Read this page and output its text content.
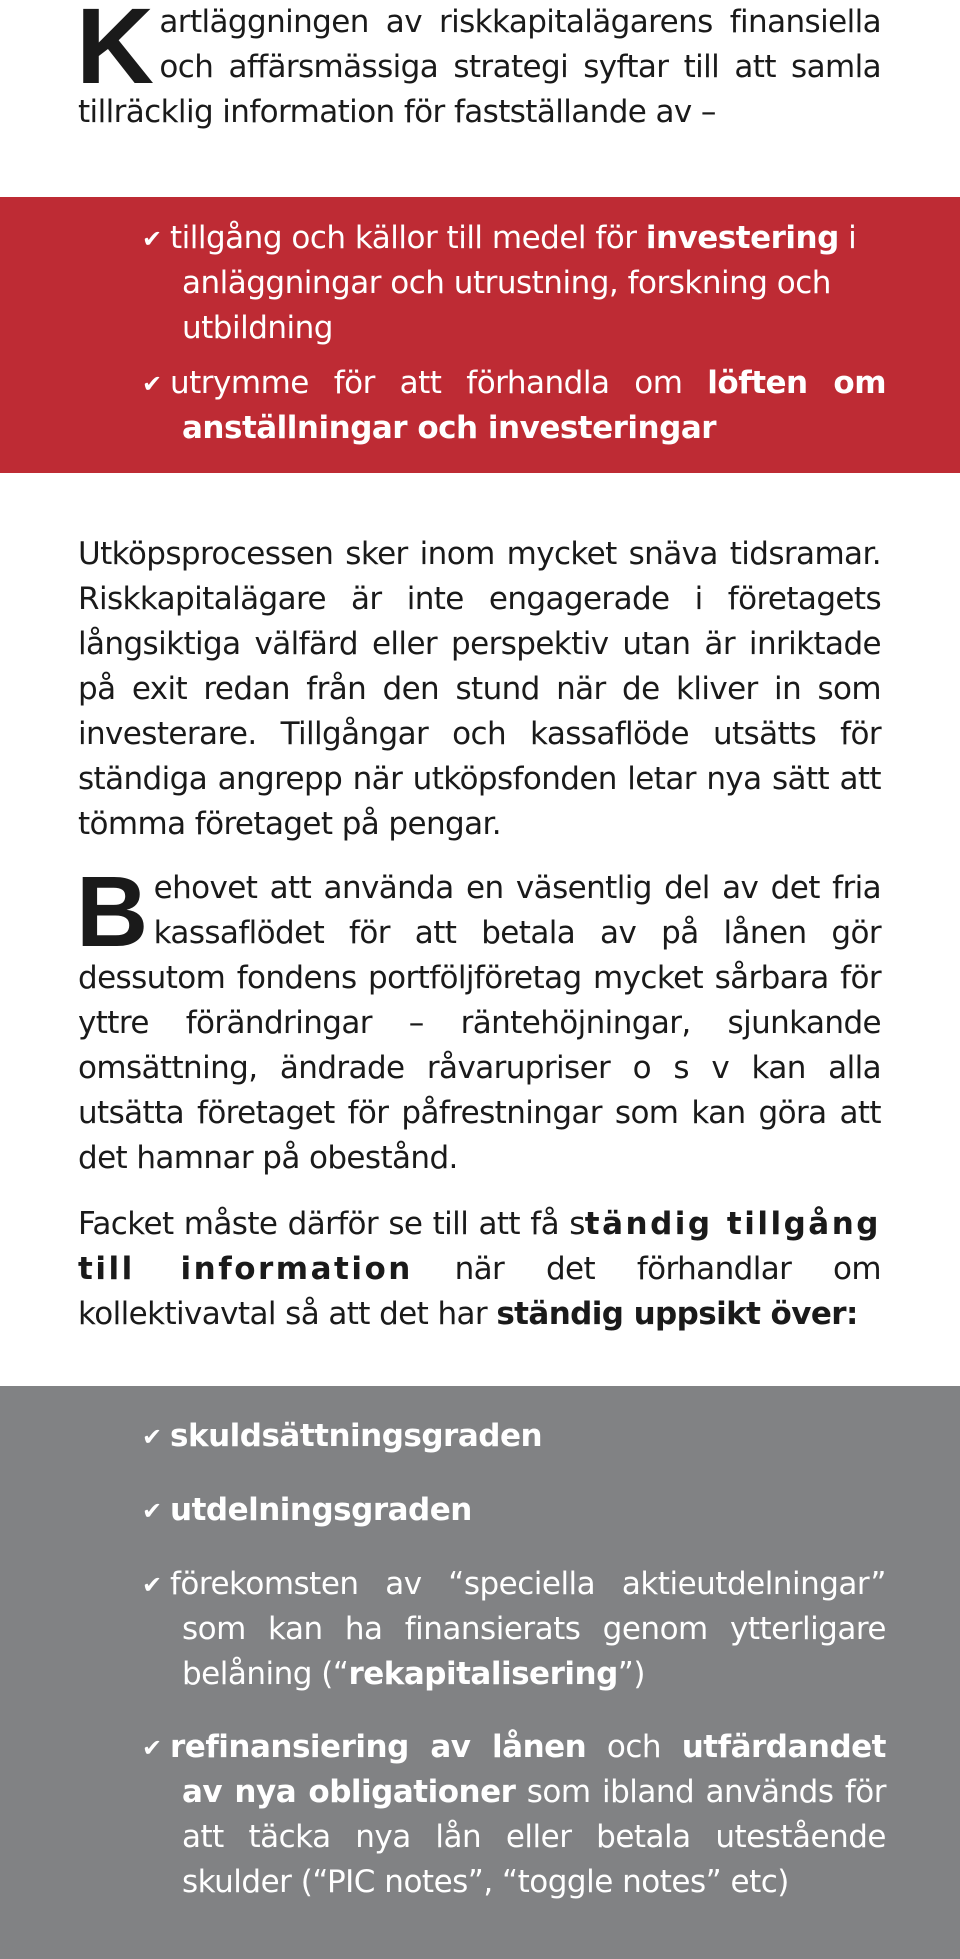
Kartläggningen av riskkapitalägarens finansiella och affärsmässiga strategi syftar till att samla tillräcklig information för fastställande av –

✔ tillgång och källor till medel för investering i anläggningar och utrustning, forskning och utbildning
✔ utrymme för att förhandla om löften om anställningar och investeringar

Utköpsprocessen sker inom mycket snäva tidsramar. Riskkapitalägare är inte engagerade i företagets långsiktiga välfärd eller perspektiv utan är inriktade på exit redan från den stund när de kliver in som investerare. Tillgångar och kassaflöde utsätts för ständiga angrepp när utköpsfonden letar nya sätt att tömma företaget på pengar.

Behovet att använda en väsentlig del av det fria kassaflödet för att betala av på lånen gör dessutom fondens portföljföretag mycket sårbara för yttre förändringar – räntehöjningar, sjunkande omsättning, ändrade råvarupriser o s v kan alla utsätta företaget för påfrestningar som kan göra att det hamnar på obestånd.

Facket måste därför se till att få ständig tillgång till information när det förhandlar om kollektivavtal så att det har ständig uppsikt över:

✔ skuldsättningsgraden
✔ utdelningsgraden
✔ förekomsten av “speciella aktieutdelningar” som kan ha finansierats genom ytterligare belåning (“rekapitalisering”)
✔ refinansiering av lånen och utfärdandet av nya obligationer som ibland används för att täcka nya lån eller betala utestående skulder (“PIC notes”, “toggle notes” etc)
